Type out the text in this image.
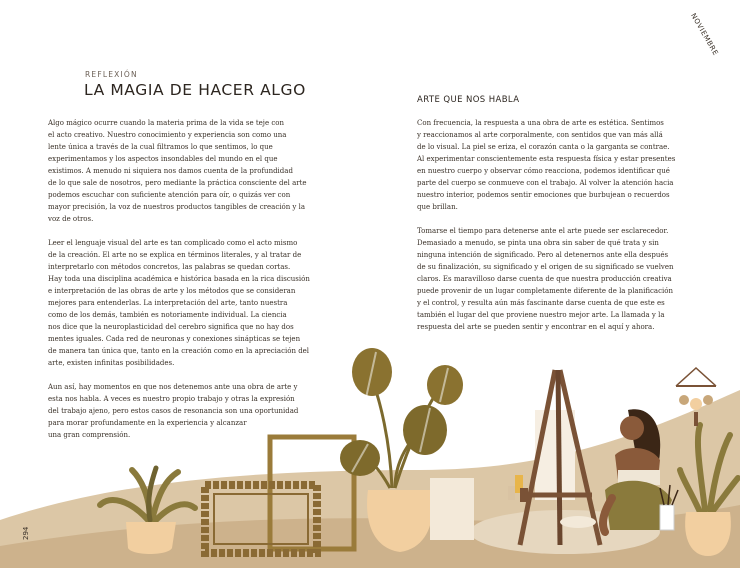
NOVIEMBRE
REFLEXIÓN
LA MAGIA DE HACER ALGO
ARTE QUE NOS HABLA

Algo mágico ocurre cuando la materia prima de la vida se teje con
el acto creativo. Nuestro conocimiento y experiencia son como una
lente única a través de la cual filtramos lo que sentimos, lo que
experimentamos y los aspectos insondables del mundo en el que
existimos. A menudo ni siquiera nos damos cuenta de la profundidad
de lo que sale de nosotros, pero mediante la práctica consciente del arte
podemos escuchar con suficiente atención para oír, o quizás ver con
mayor precisión, la voz de nuestros productos tangibles de creación y la
voz de otros.

Leer el lenguaje visual del arte es tan complicado como el acto mismo
de la creación. El arte no se explica en términos literales, y al tratar de
interpretarlo con métodos concretos, las palabras se quedan cortas.
Hay toda una disciplina académica e histórica basada en la rica discusión
e interpretación de las obras de arte y los métodos que se consideran
mejores para entenderlas. La interpretación del arte, tanto nuestra
como de los demás, también es notoriamente individual. La ciencia
nos dice que la neuroplasticidad del cerebro significa que no hay dos
mentes iguales. Cada red de neuronas y conexiones sinápticas se tejen
de manera tan única que, tanto en la creación como en la apreciación del
arte, existen infinitas posibilidades.

Aun así, hay momentos en que nos detenemos ante una obra de arte y
esta nos habla. A veces es nuestro propio trabajo y otras la expresión
del trabajo ajeno, pero estos casos de resonancia son una oportunidad
para morar profundamente en la experiencia y alcanzar
una gran comprensión.

Con frecuencia, la respuesta a una obra de arte es estética. Sentimos
y reaccionamos al arte corporalmente, con sentidos que van más allá
de lo visual. La piel se eriza, el corazón canta o la garganta se contrae.
Al experimentar conscientemente esta respuesta física y estar presentes
en nuestro cuerpo y observar cómo reacciona, podemos identificar qué
parte del cuerpo se conmueve con el trabajo. Al volver la atención hacia
nuestro interior, podemos sentir emociones que burbujean o recuerdos
que brillan.

Tomarse el tiempo para detenerse ante el arte puede ser esclarecedor.
Demasiado a menudo, se pinta una obra sin saber de qué trata y sin
ninguna intención de significado. Pero al detenernos ante ella después
de su finalización, su significado y el origen de su significado se vuelven
claros. Es maravilloso darse cuenta de que nuestra producción creativa
puede provenir de un lugar completamente diferente de la planificación
y el control, y resulta aún más fascinante darse cuenta de que este es
también el lugar del que proviene nuestro mejor arte. La llamada y la
respuesta del arte se pueden sentir y encontrar en el aquí y ahora.

294
